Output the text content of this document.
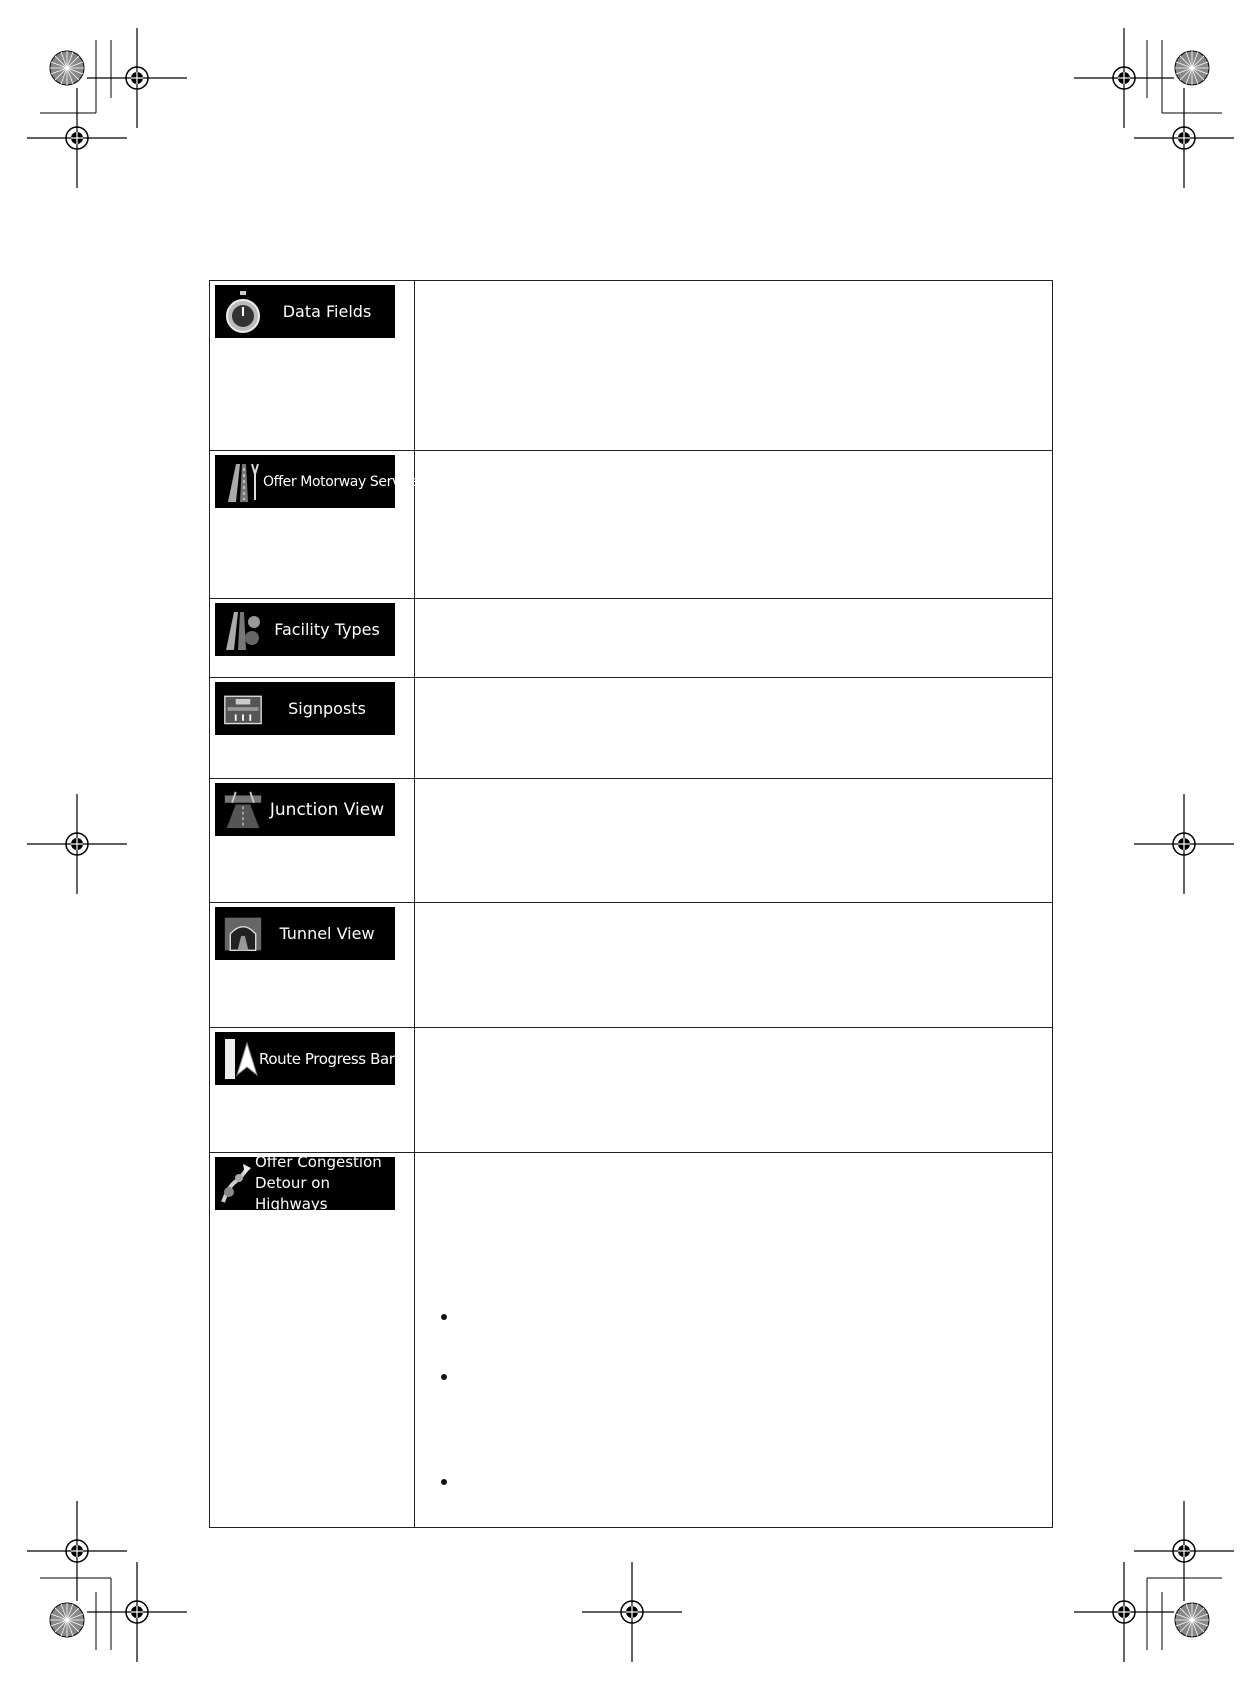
Data Fields	

Offer Motorway Services	

Facility Types	

Signposts	

Junction View	

Tunnel View	

Route Progress Bar	

Offer Congestion
Detour on Highways	
